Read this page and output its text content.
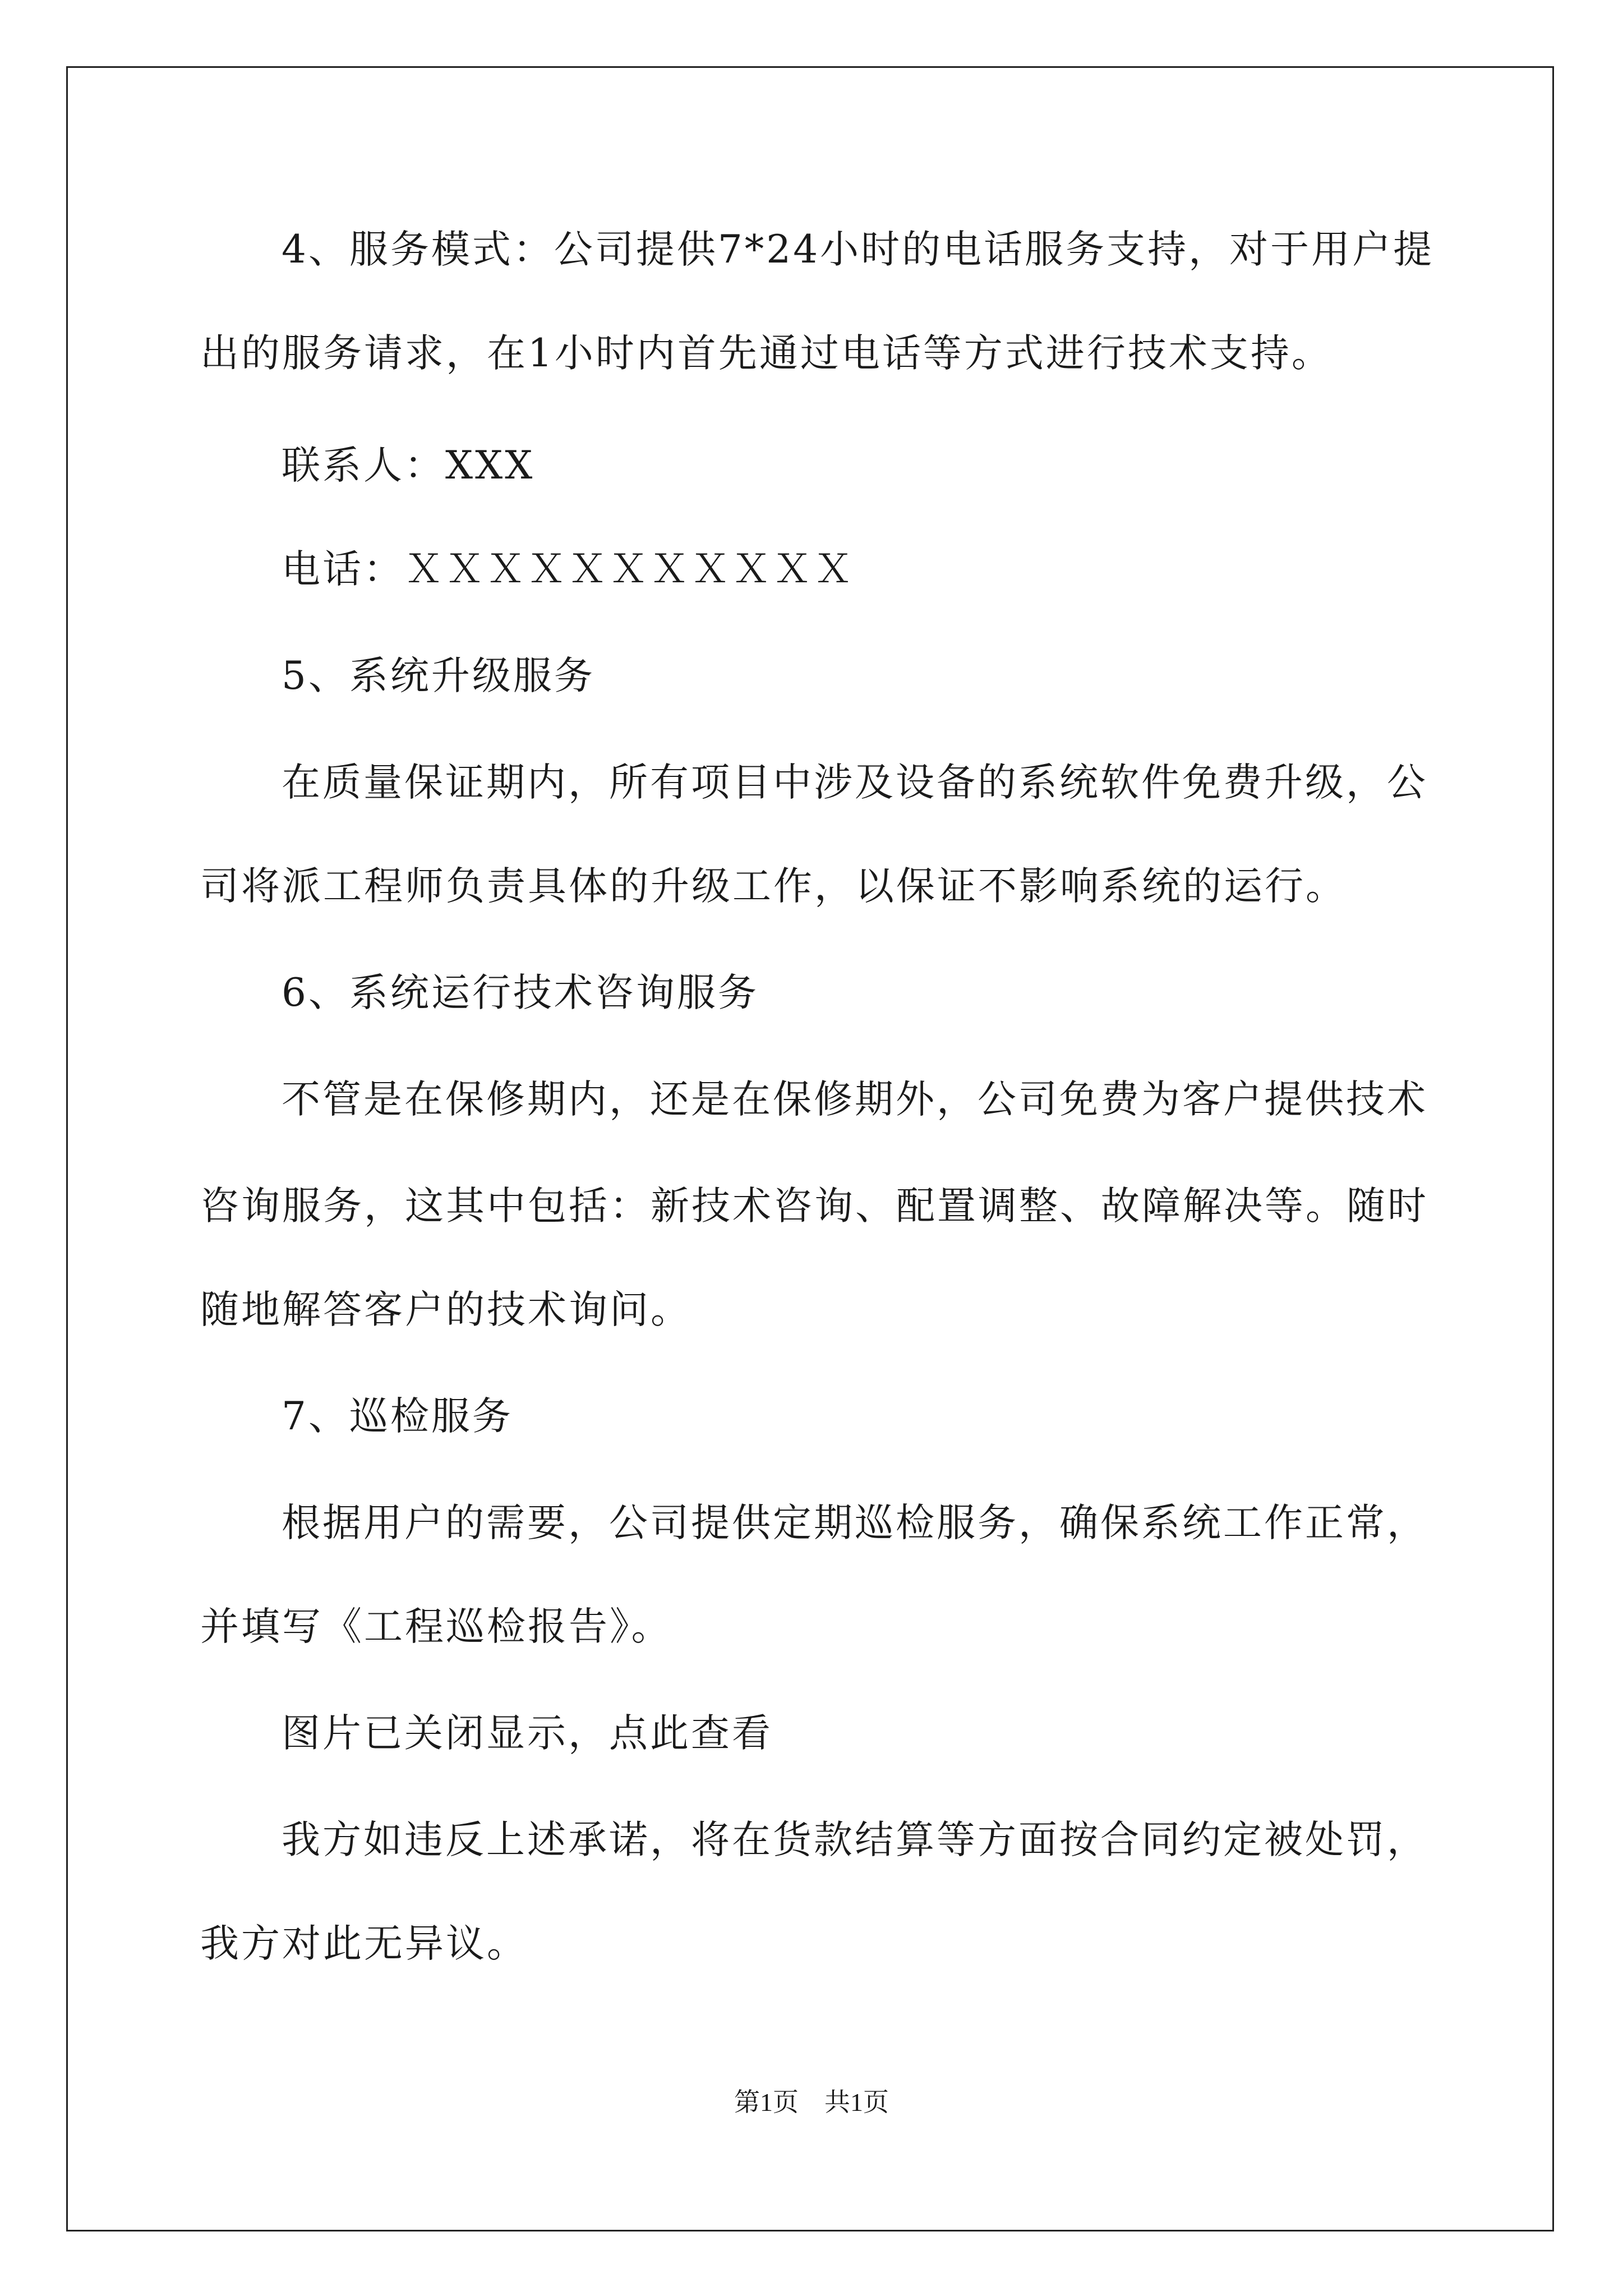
4、服务模式：公司提供7*24小时的电话服务支持，对于用户提
出的服务请求，在1小时内首先通过电话等方式进行技术支持。
联系人：XXX
电话：ＸＸＸＸＸＸＸＸＸＸＸ
5、系统升级服务
在质量保证期内，所有项目中涉及设备的系统软件免费升级，公
司将派工程师负责具体的升级工作，以保证不影响系统的运行。
6、系统运行技术咨询服务
不管是在保修期内，还是在保修期外，公司免费为客户提供技术
咨询服务，这其中包括：新技术咨询、配置调整、故障解决等。随时
随地解答客户的技术询问。
7、巡检服务
根据用户的需要，公司提供定期巡检服务，确保系统工作正常，
并填写《工程巡检报告》。
图片已关闭显示，点此查看
我方如违反上述承诺，将在货款结算等方面按合同约定被处罚，
我方对此无异议。
第1页　共1页
